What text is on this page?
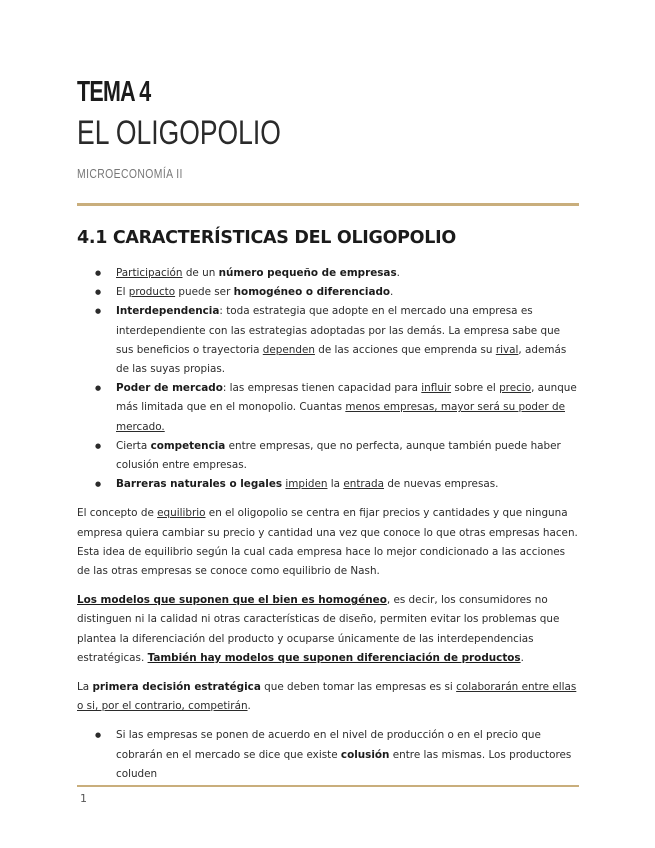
TEMA 4
EL OLIGOPOLIO
MICROECONOMÍA II
4.1 CARACTERÍSTICAS DEL OLIGOPOLIO
● Participación de un número pequeño de empresas.
● El producto puede ser homogéneo o diferenciado.
● Interdependencia: toda estrategia que adopte en el mercado una empresa es interdependiente con las estrategias adoptadas por las demás. La empresa sabe que sus beneficios o trayectoria dependen de las acciones que emprenda su rival, además de las suyas propias.
● Poder de mercado: las empresas tienen capacidad para influir sobre el precio, aunque más limitada que en el monopolio. Cuantas menos empresas, mayor será su poder de mercado.
● Cierta competencia entre empresas, que no perfecta, aunque también puede haber colusión entre empresas.
● Barreras naturales o legales impiden la entrada de nuevas empresas.

El concepto de equilibrio en el oligopolio se centra en fijar precios y cantidades y que ninguna empresa quiera cambiar su precio y cantidad una vez que conoce lo que otras empresas hacen. Esta idea de equilibrio según la cual cada empresa hace lo mejor condicionado a las acciones de las otras empresas se conoce como equilibrio de Nash.

Los modelos que suponen que el bien es homogéneo, es decir, los consumidores no distinguen ni la calidad ni otras características de diseño, permiten evitar los problemas que plantea la diferenciación del producto y ocuparse únicamente de las interdependencias estratégicas. También hay modelos que suponen diferenciación de productos.

La primera decisión estratégica que deben tomar las empresas es si colaborarán entre ellas o si, por el contrario, competirán.

● Si las empresas se ponen de acuerdo en el nivel de producción o en el precio que cobrarán en el mercado se dice que existe colusión entre las mismas. Los productores coluden
1
